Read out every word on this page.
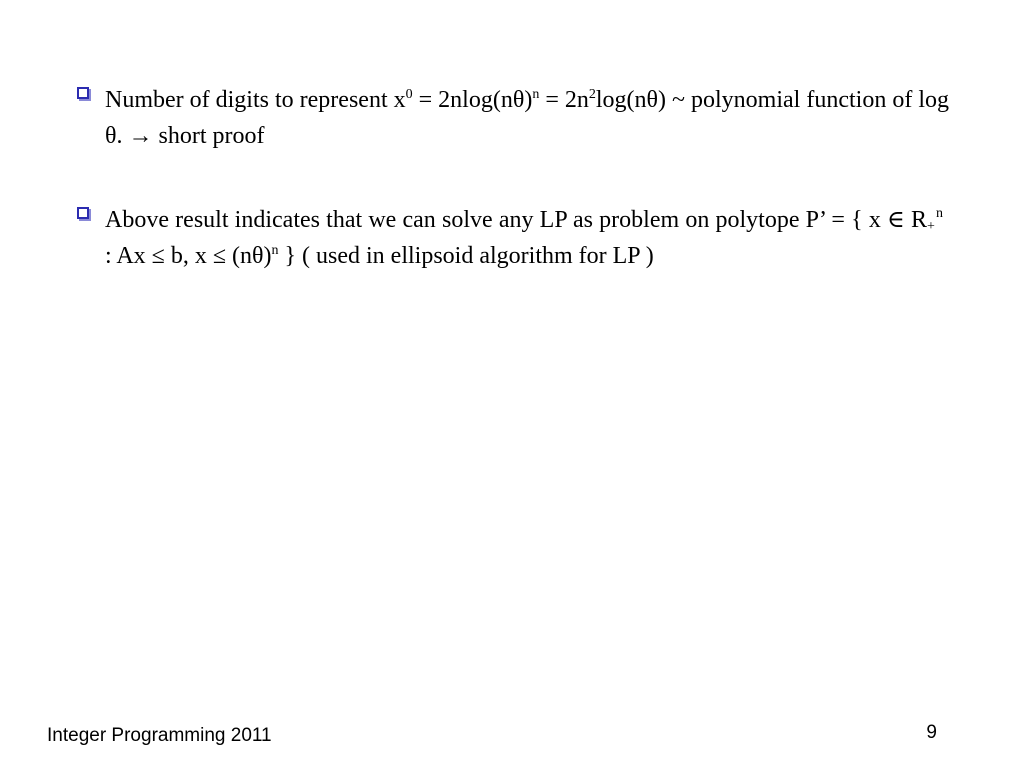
Number of digits to represent $x^0 = 2nlog(n\theta)^n = 2n^2\log(n\theta)$ ~ polynomial function of log θ. → short proof
Above result indicates that we can solve any LP as problem on polytope P’ = { x ∈ R +
n
: Ax ≤ b, $x \le (n\theta)^n$ } ( used in ellipsoid algorithm for LP )
Integer Programming 2011	9
